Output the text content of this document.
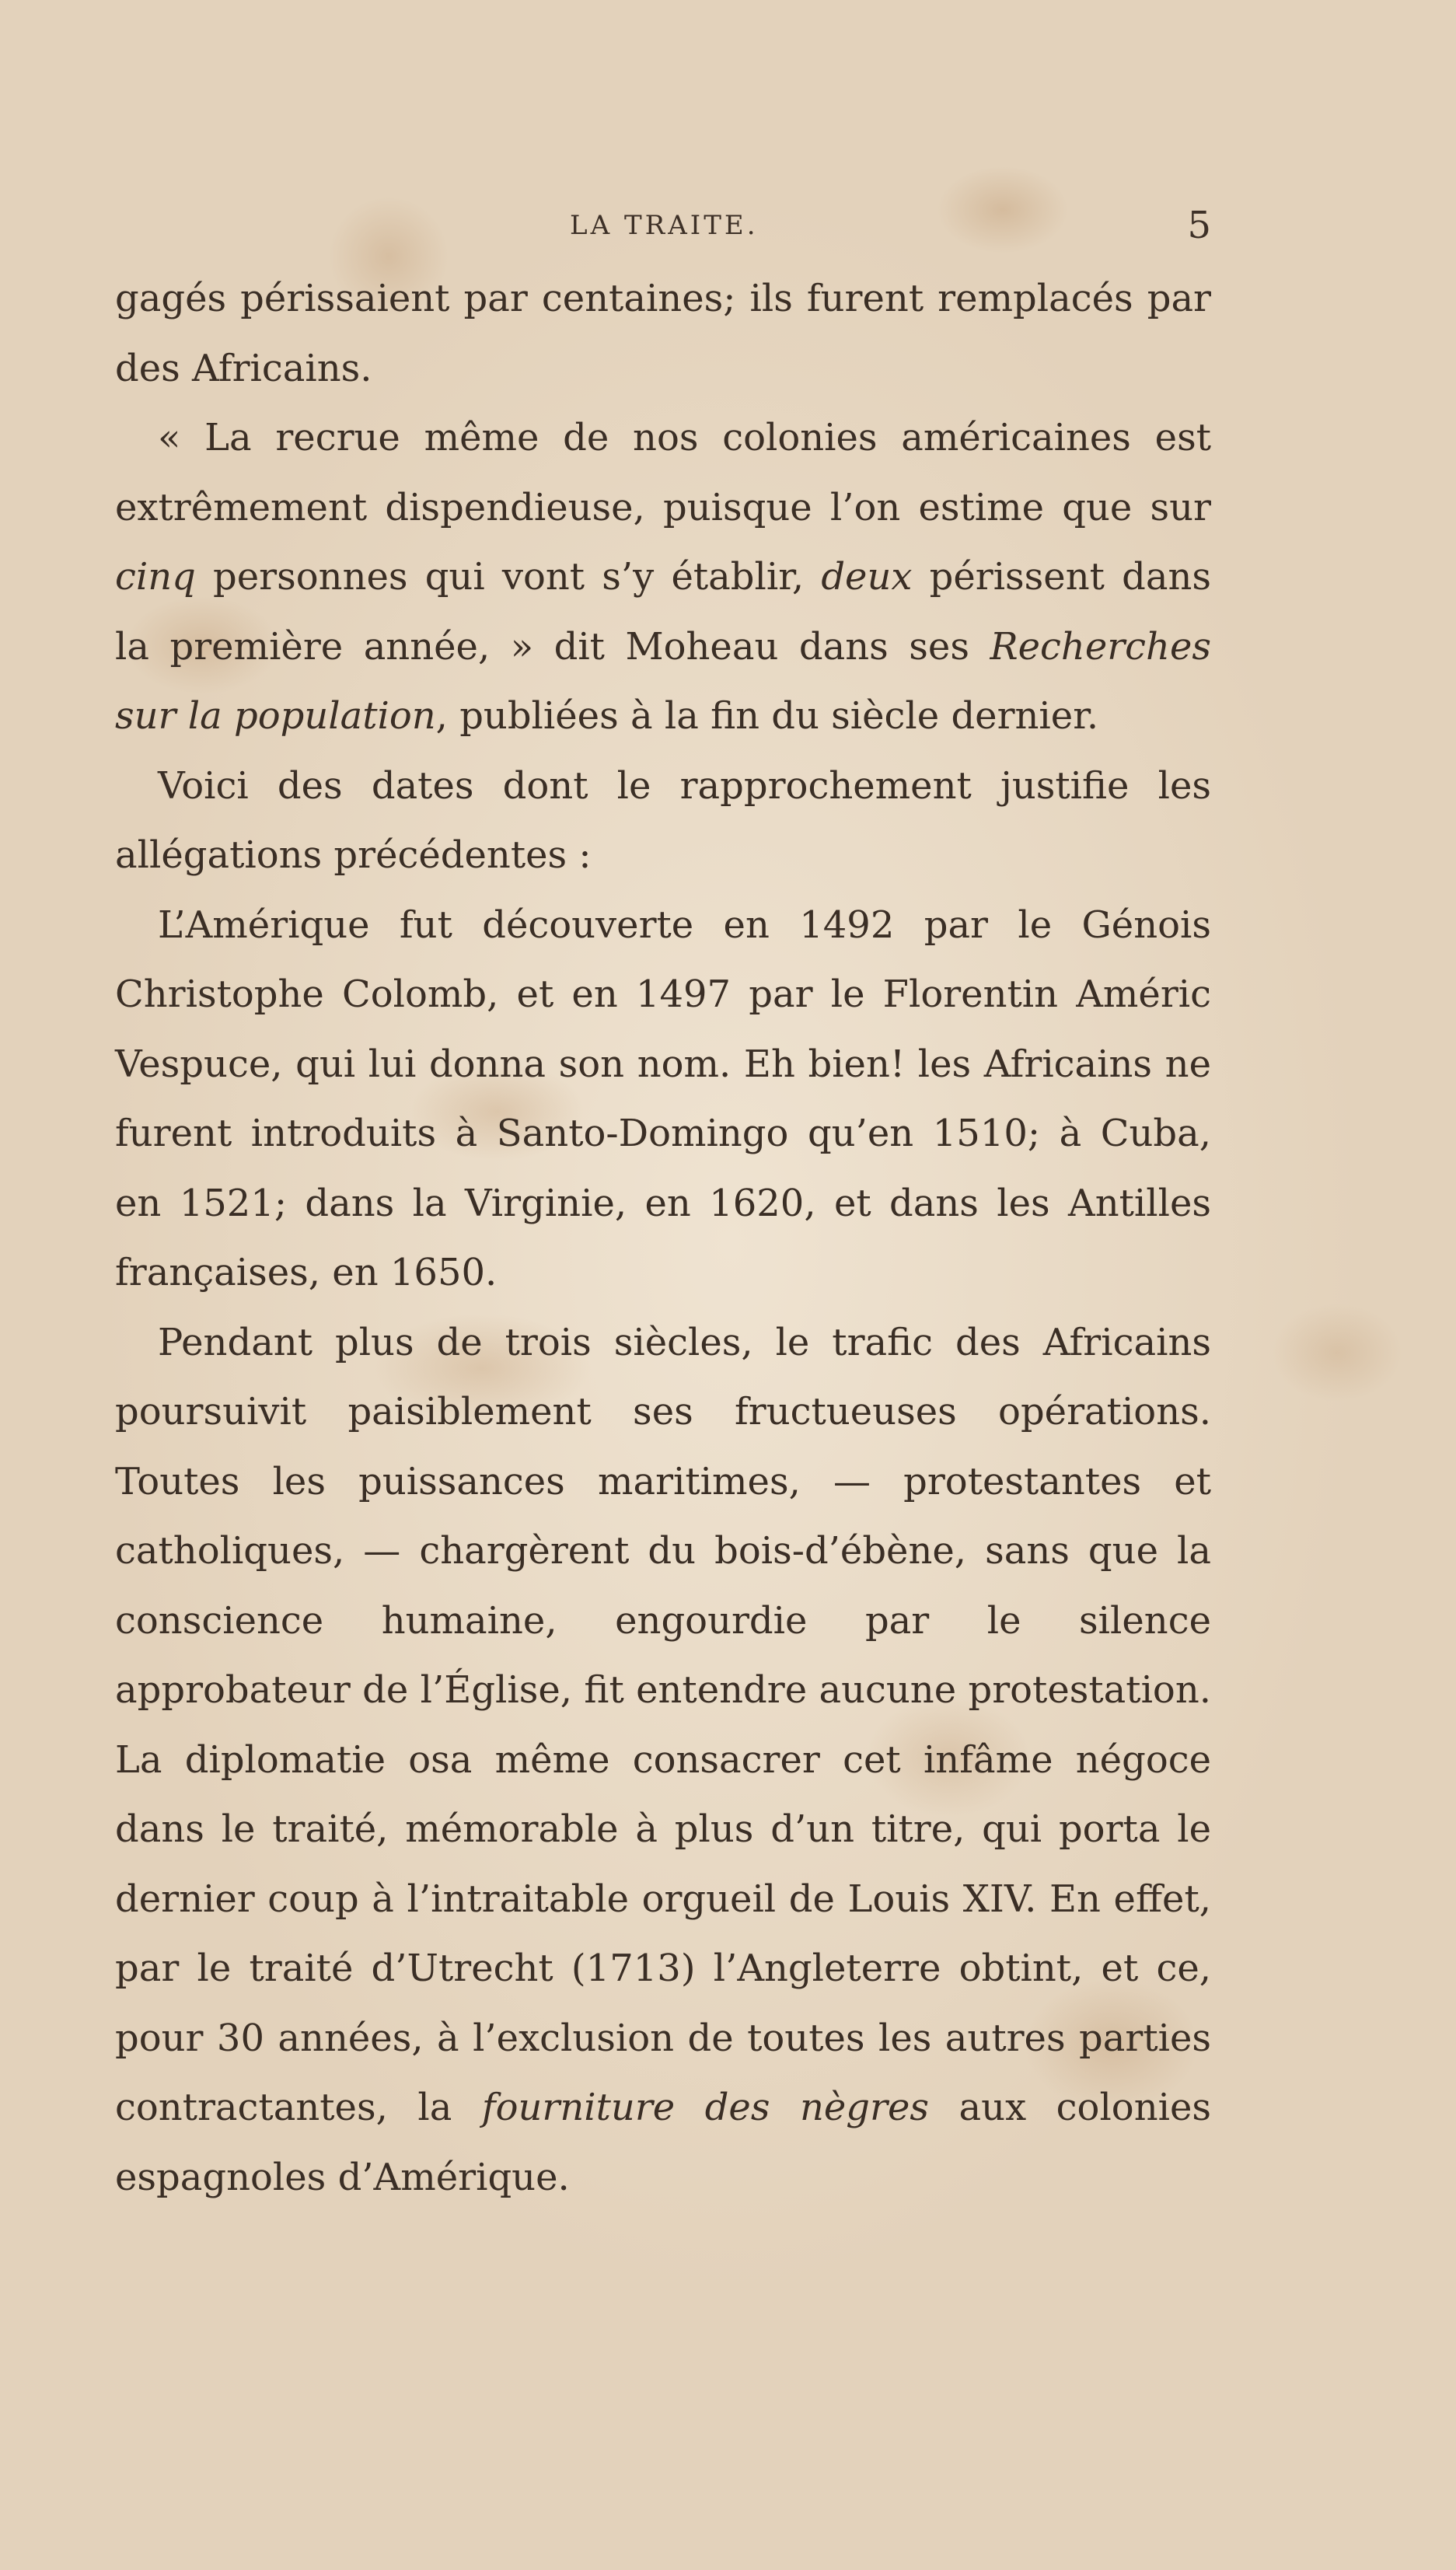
LA TRAITE.	5

gagés périssaient par centaines; ils furent remplacés par des Africains.

« La recrue même de nos colonies américaines est extrêmement dispendieuse, puisque l’on estime que sur cinq personnes qui vont s’y établir, deux périssent dans la première année, » dit Moheau dans ses Recherches sur la population, publiées à la fin du siècle dernier.

Voici des dates dont le rapprochement justifie les allégations précédentes :

L’Amérique fut découverte en 1492 par le Génois Christophe Colomb, et en 1497 par le Florentin Améric Vespuce, qui lui donna son nom. Eh bien! les Africains ne furent introduits à Santo-Domingo qu’en 1510; à Cuba, en 1521; dans la Virginie, en 1620, et dans les Antilles françaises, en 1650.

Pendant plus de trois siècles, le trafic des Africains poursuivit paisiblement ses fructueuses opérations. Toutes les puissances maritimes, — protestantes et catholiques, — chargèrent du bois-d’ébène, sans que la conscience humaine, engourdie par le silence approbateur de l’Église, fit entendre aucune protestation. La diplomatie osa même consacrer cet infâme négoce dans le traité, mémorable à plus d’un titre, qui porta le dernier coup à l’intraitable orgueil de Louis XIV. En effet, par le traité d’Utrecht (1713) l’Angleterre obtint, et ce, pour 30 années, à l’exclusion de toutes les autres parties contractantes, la fourniture des nègres aux colonies espagnoles d’Amérique.
